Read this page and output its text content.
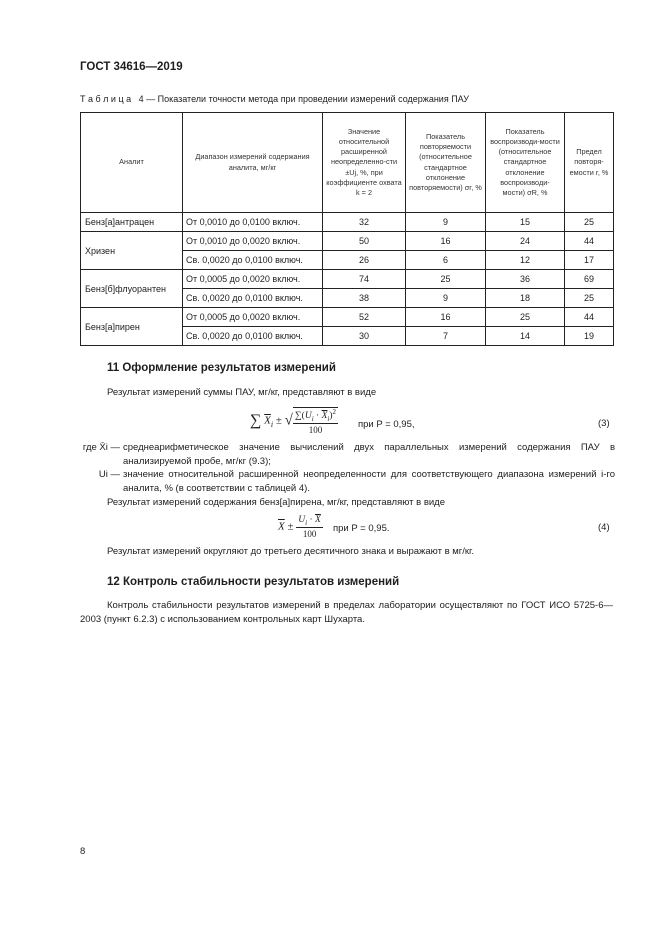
ГОСТ 34616—2019
Т а б л и ц а   4 — Показатели точности метода при проведении измерений содержания ПАУ
Аналит	Диапазон измерений содержания аналита, мг/кг	Значение относительной расширенной неопределенно-сти ±Uj, %, при коэффициенте охвата k = 2	Показатель повторяемости (относительное стандартное отклонение повторяемости) σr, %	Показатель воспроизводи-мости (относительное стандартное отклонение воспроизводи-мости) σR, %	Предел повторя-емости r, %
Бенз[а]антрацен	От 0,0010 до 0,0100 включ.	32	9	15	25
Хризен	От 0,0010 до 0,0020 включ.	50	16	24	44
	Св. 0,0020 до 0,0100 включ.	26	6	12	17
Бенз[б]флуорантен	От 0,0005 до 0,0020 включ.	74	25	36	69
	Св. 0,0020 до 0,0100 включ.	38	9	18	25
Бенз[а]пирен	От 0,0005 до 0,0020 включ.	52	16	25	44
	Св. 0,0020 до 0,0100 включ.	30	7	14	19
11 Оформление результатов измерений
Результат измерений суммы ПАУ, мг/кг, представляют в виде
∑ $\overline{X}_i$ ± √ $\frac{\sum(U_i \cdot \overline{X}_i)^2}{100}$ при P = 0,95,	(3)
где X̄i —	среднеарифметическое значение вычислений двух параллельных измерений содержания ПАУ в анализируемой пробе, мг/кг (9.3);
Ui —	значение относительной расширенной неопределенности для соответствующего диапазона измерений i-го аналита, % (в соответствии с таблицей 4).
Результат измерений содержания бенз[а]пирена, мг/кг, представляют в виде
$\overline{X} \pm \frac{U_i \cdot \overline{X}}{100}$ при P = 0,95.	(4)
Результат измерений округляют до третьего десятичного знака и выражают в мг/кг.
12 Контроль стабильности результатов измерений
Контроль стабильности результатов измерений в пределах лаборатории осуществляют по ГОСТ ИСО 5725-6—2003 (пункт 6.2.3) с использованием контрольных карт Шухарта.
8
